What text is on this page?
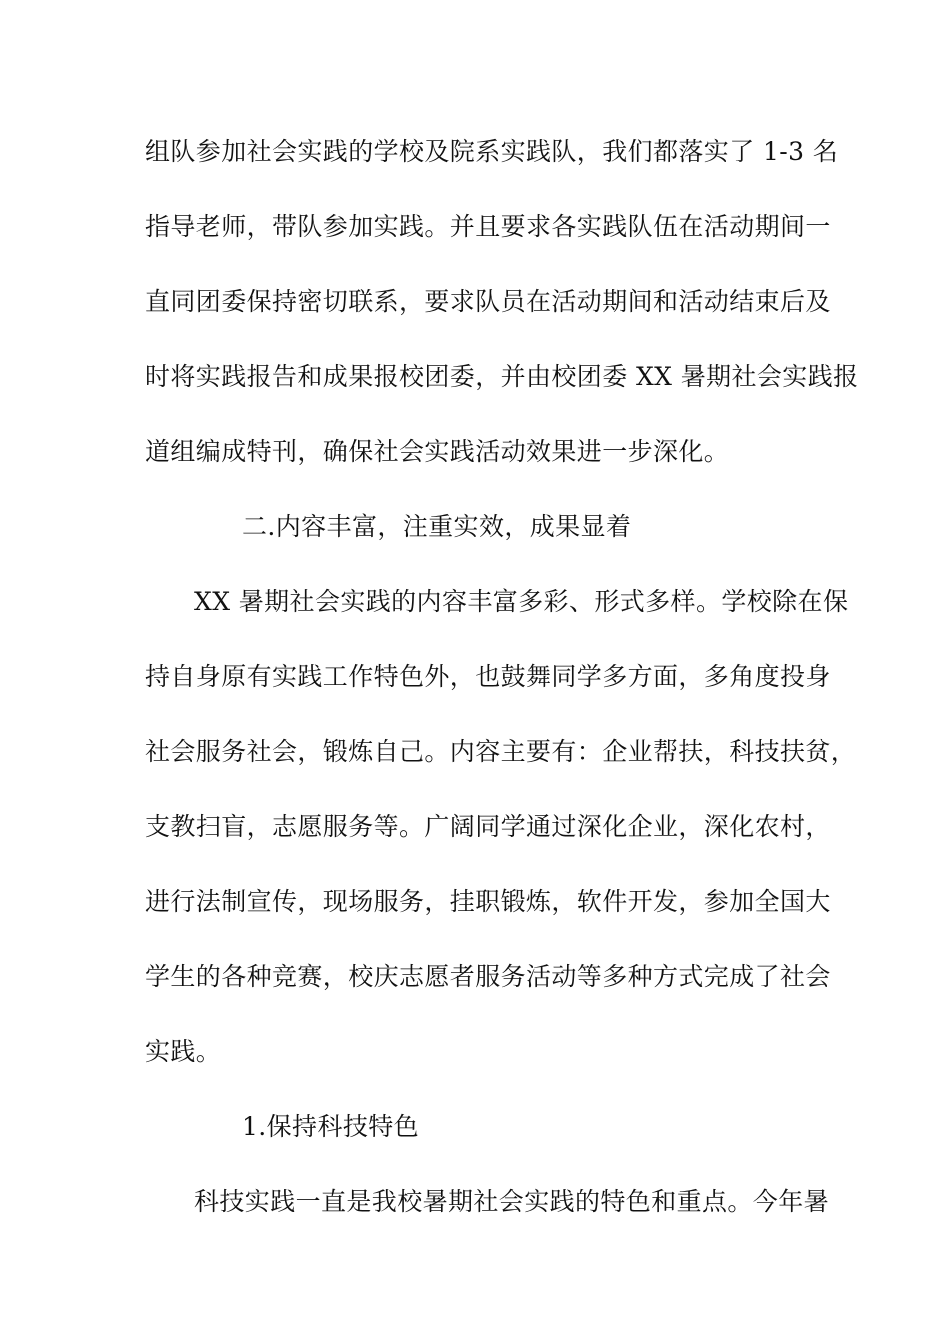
组队参加社会实践的学校及院系实践队，我们都落实了 1-3 名

指导老师，带队参加实践。并且要求各实践队伍在活动期间一

直同团委保持密切联系，要求队员在活动期间和活动结束后及

时将实践报告和成果报校团委，并由校团委 XX 暑期社会实践报

道组编成特刊，确保社会实践活动效果进一步深化。

二.内容丰富，注重实效，成果显着

XX 暑期社会实践的内容丰富多彩、形式多样。学校除在保

持自身原有实践工作特色外，也鼓舞同学多方面，多角度投身

社会服务社会，锻炼自己。内容主要有：企业帮扶，科技扶贫，

支教扫盲，志愿服务等。广阔同学通过深化企业，深化农村，

进行法制宣传，现场服务，挂职锻炼，软件开发，参加全国大

学生的各种竞赛，校庆志愿者服务活动等多种方式完成了社会

实践。

1.保持科技特色

科技实践一直是我校暑期社会实践的特色和重点。今年暑
